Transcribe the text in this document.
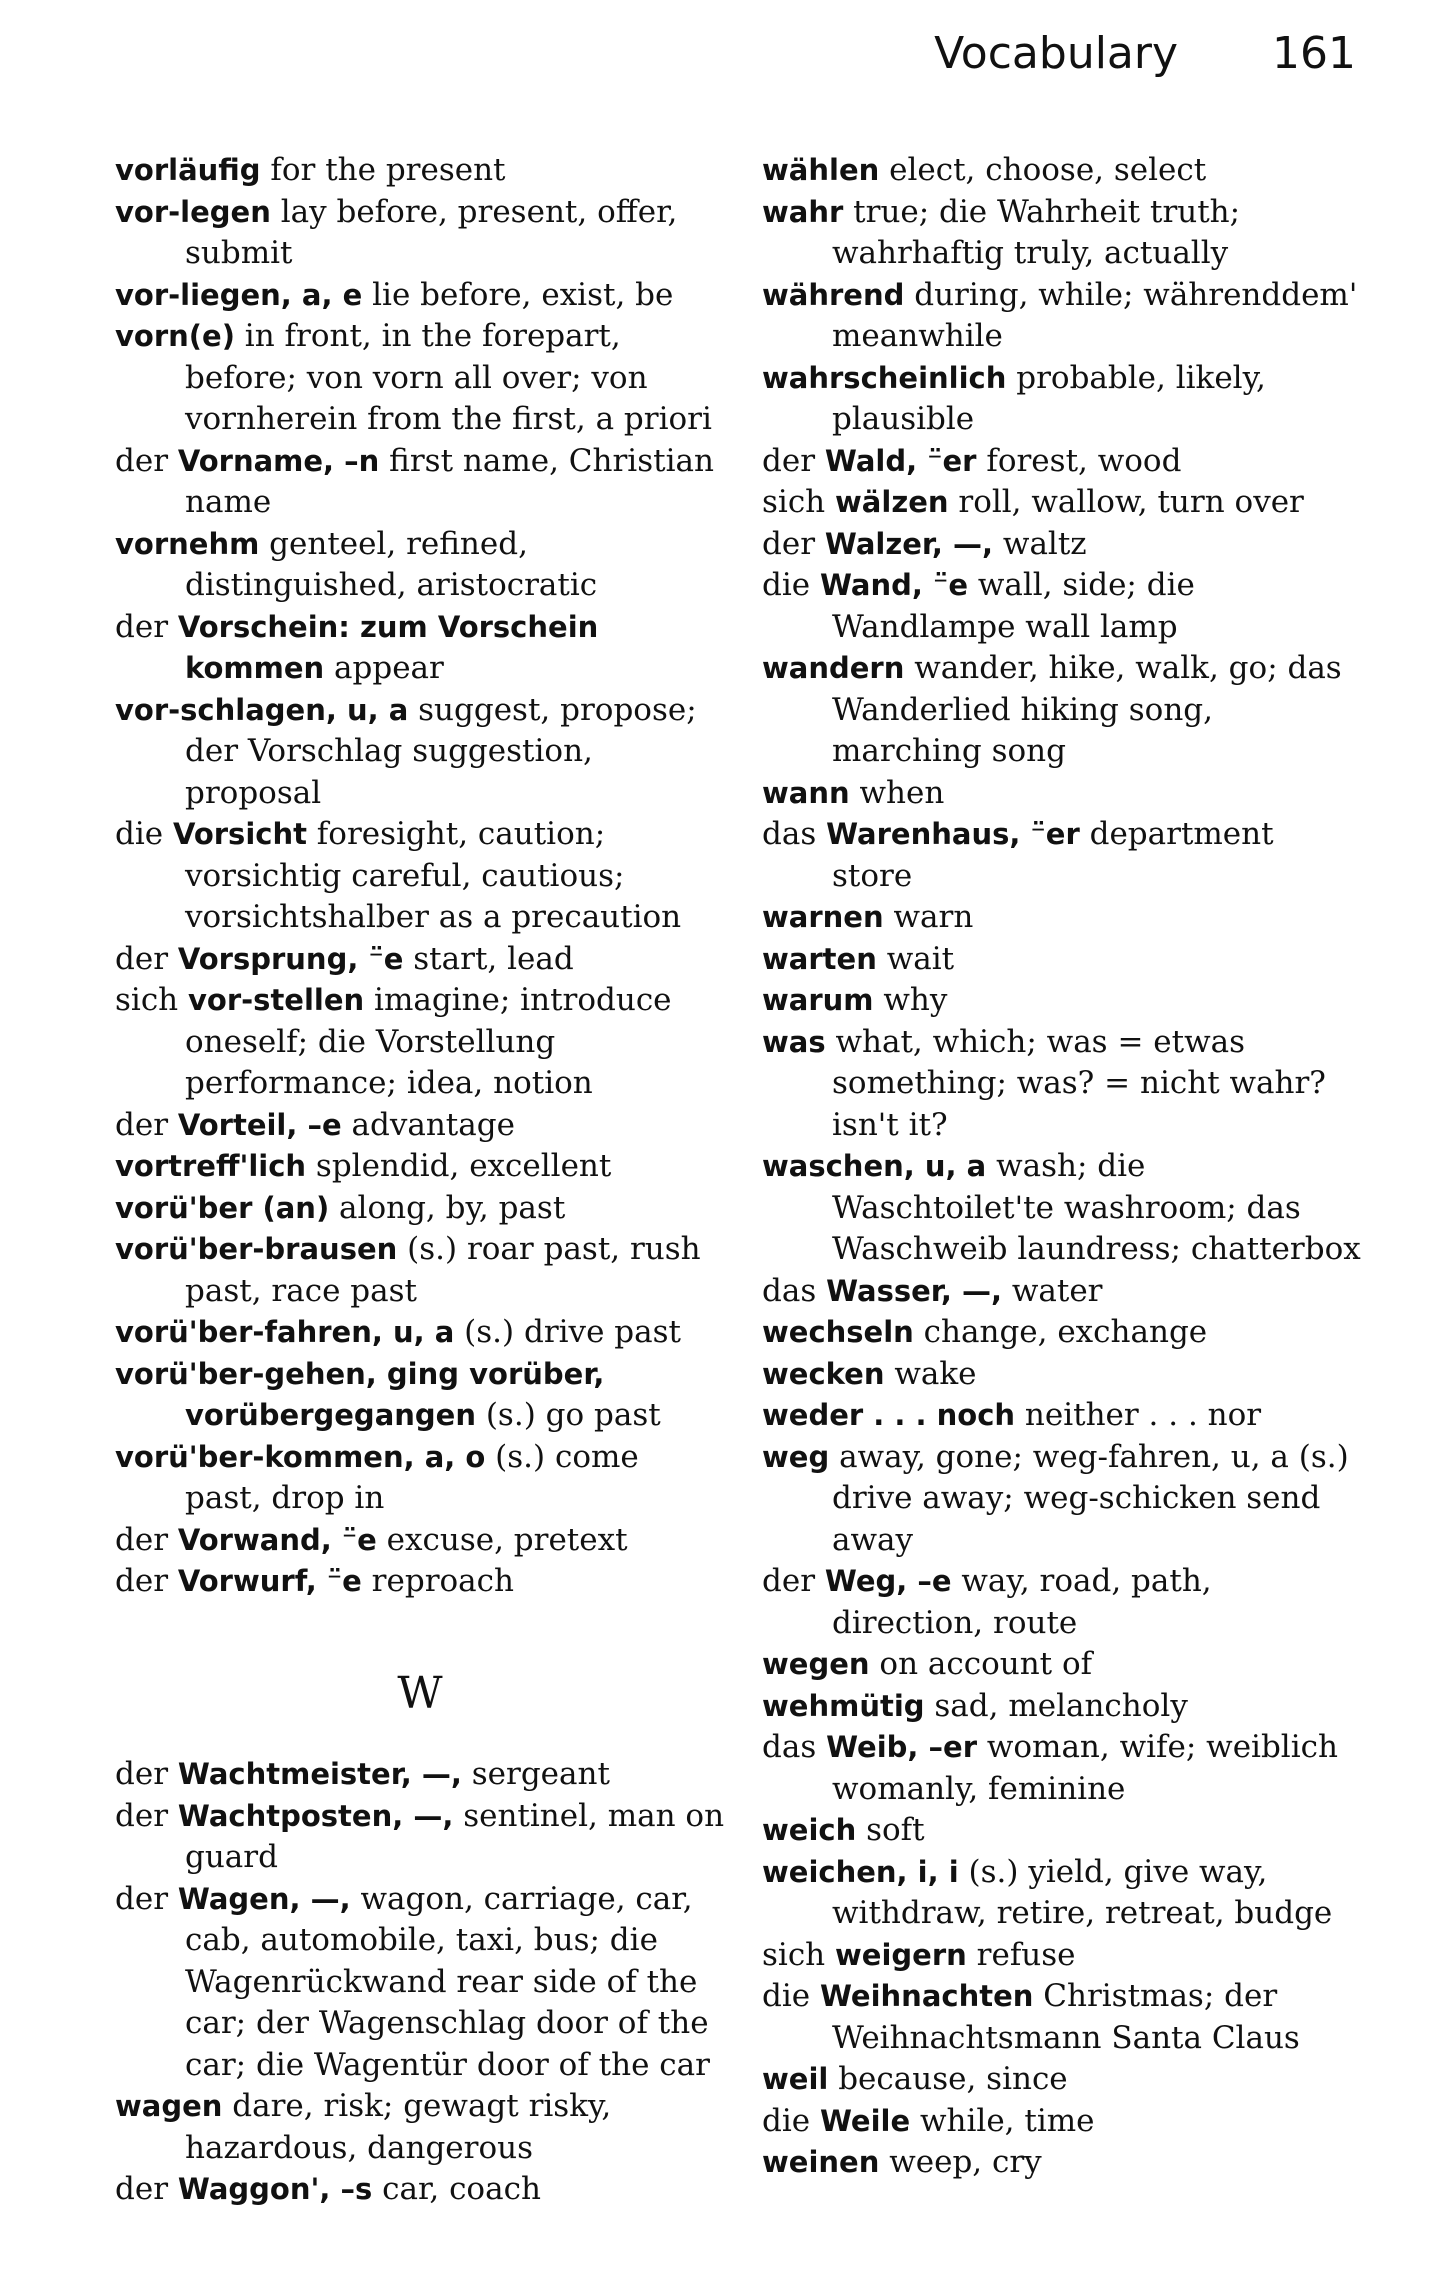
Vocabulary 161

vorläufig for the present

vor-legen lay before, present, offer, submit

vor-liegen, a, e lie before, exist, be

vorn(e) in front, in the forepart, before; von vorn all over; von vornherein from the first, a priori

der Vorname, –n first name, Christian name

vornehm genteel, refined, distinguished, aristocratic

der Vorschein: zum Vorschein kommen appear

vor-schlagen, u, a suggest, propose; der Vorschlag suggestion, proposal

die Vorsicht foresight, caution; vorsichtig careful, cautious; vorsichtshalber as a precaution

der Vorsprung, ⁻̈e start, lead

sich vor-stellen imagine; introduce oneself; die Vorstellung performance; idea, notion

der Vorteil, –e advantage

vortreff'lich splendid, excellent

vorü'ber (an) along, by, past

vorü'ber-brausen (s.) roar past, rush past, race past

vorü'ber-fahren, u, a (s.) drive past

vorü'ber-gehen, ging vorüber, vorübergegangen (s.) go past

vorü'ber-kommen, a, o (s.) come past, drop in

der Vorwand, ⁻̈e excuse, pretext

der Vorwurf, ⁻̈e reproach

W

der Wachtmeister, —, sergeant

der Wachtposten, —, sentinel, man on guard

der Wagen, —, wagon, carriage, car, cab, automobile, taxi, bus; die Wagenrückwand rear side of the car; der Wagenschlag door of the car; die Wagentür door of the car

wagen dare, risk; gewagt risky, hazardous, dangerous

der Waggon', –s car, coach

wählen elect, choose, select

wahr true; die Wahrheit truth; wahrhaftig truly, actually

während during, while; währenddem' meanwhile

wahrscheinlich probable, likely, plausible

der Wald, ⁻̈er forest, wood

sich wälzen roll, wallow, turn over

der Walzer, —, waltz

die Wand, ⁻̈e wall, side; die Wandlampe wall lamp

wandern wander, hike, walk, go; das Wanderlied hiking song, marching song

wann when

das Warenhaus, ⁻̈er department store

warnen warn

warten wait

warum why

was what, which; was = etwas something; was? = nicht wahr? isn't it?

waschen, u, a wash; die Waschtoilet'te washroom; das Waschweib laundress; chatterbox

das Wasser, —, water

wechseln change, exchange

wecken wake

weder . . . noch neither . . . nor

weg away, gone; weg-fahren, u, a (s.) drive away; weg-schicken send away

der Weg, –e way, road, path, direction, route

wegen on account of

wehmütig sad, melancholy

das Weib, –er woman, wife; weiblich womanly, feminine

weich soft

weichen, i, i (s.) yield, give way, withdraw, retire, retreat, budge

sich weigern refuse

die Weihnachten Christmas; der Weihnachtsmann Santa Claus

weil because, since

die Weile while, time

weinen weep, cry
